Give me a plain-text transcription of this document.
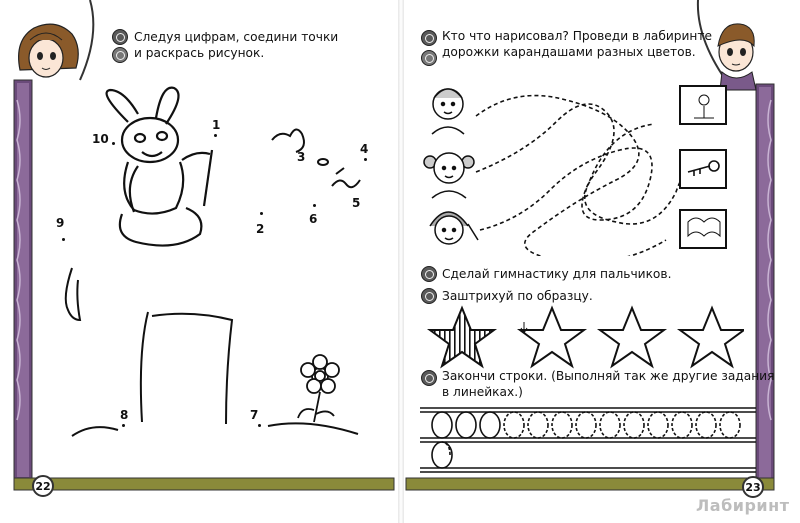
Следуя цифрам, соедини точки
и раскрась рисунок.
1
2
3
4
5
6
7
8
9
10
22
Кто что нарисовал? Проведи в лабиринте
дорожки карандашами разных цветов.
Сделай гимнастику для пальчиков.
Заштрихуй по образцу.
Закончи строки. (Выполняй так же другие задания
в линейках.)
23
Лабиринт
